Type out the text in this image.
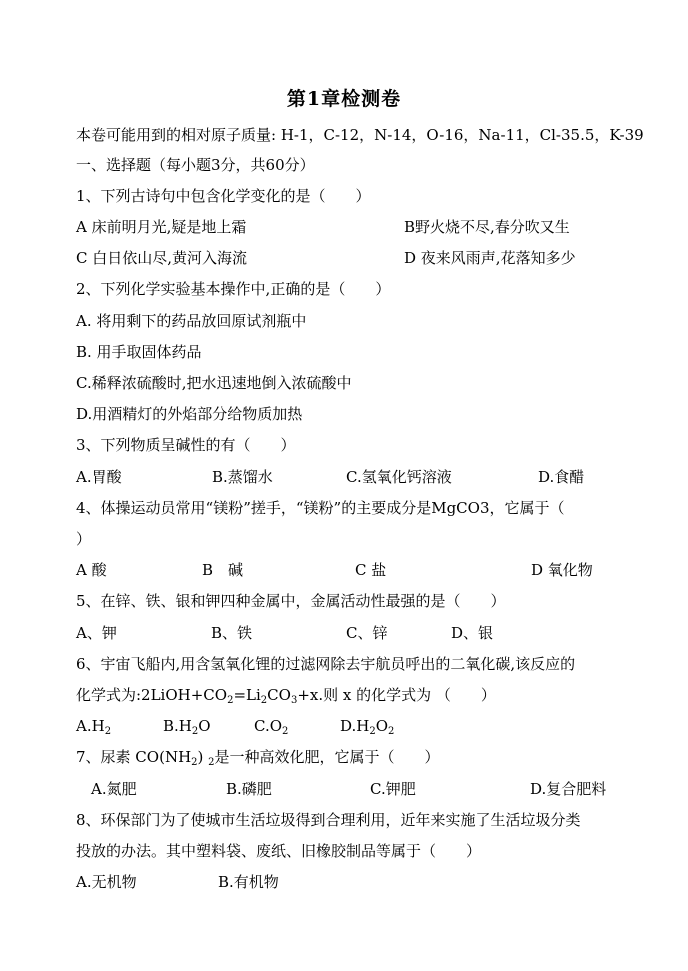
第1章检测卷
本卷可能用到的相对原子质量: H-1，C-12，N-14，O-16，Na-11，Cl-35.5，K-39
一、选择题（每小题3分，共60分）
1、下列古诗句中包含化学变化的是（　　）
A 床前明月光,疑是地上霜	B野火烧不尽,春分吹又生
C 白日依山尽,黄河入海流	D 夜来风雨声,花落知多少
2、下列化学实验基本操作中,正确的是（　　）
A. 将用剩下的药品放回原试剂瓶中
B. 用手取固体药品
C.稀释浓硫酸时,把水迅速地倒入浓硫酸中
D.用酒精灯的外焰部分给物质加热
3、下列物质呈碱性的有（　　）
A.胃酸	B.蒸馏水	C.氢氧化钙溶液	D.食醋
4、体操运动员常用“镁粉”搓手，“镁粉”的主要成分是MgCO3，它属于（
）
A 酸	B　碱	C 盐	D 氧化物
5、在锌、铁、银和钾四种金属中，金属活动性最强的是（　　）
A、钾	B、铁	C、锌	D、银
6、宇宙飞船内,用含氢氧化锂的过滤网除去宇航员呼出的二氧化碳,该反应的
化学式为$:2LiOH+CO_2=Li_2CO_3+x$.则 x 的化学式为 （　　）
$A.H_2$	$B.H_2O$	$C.O_2$	$D.H_2O_2$
7、尿素 $CO(NH_2)$ $_2$是一种高效化肥，它属于（　　）
A.氮肥	B.磷肥	C.钾肥	D.复合肥料
8、环保部门为了使城市生活垃圾得到合理利用，近年来实施了生活垃圾分类
投放的办法。其中塑料袋、废纸、旧橡胶制品等属于（　　）
A.无机物	B.有机物
